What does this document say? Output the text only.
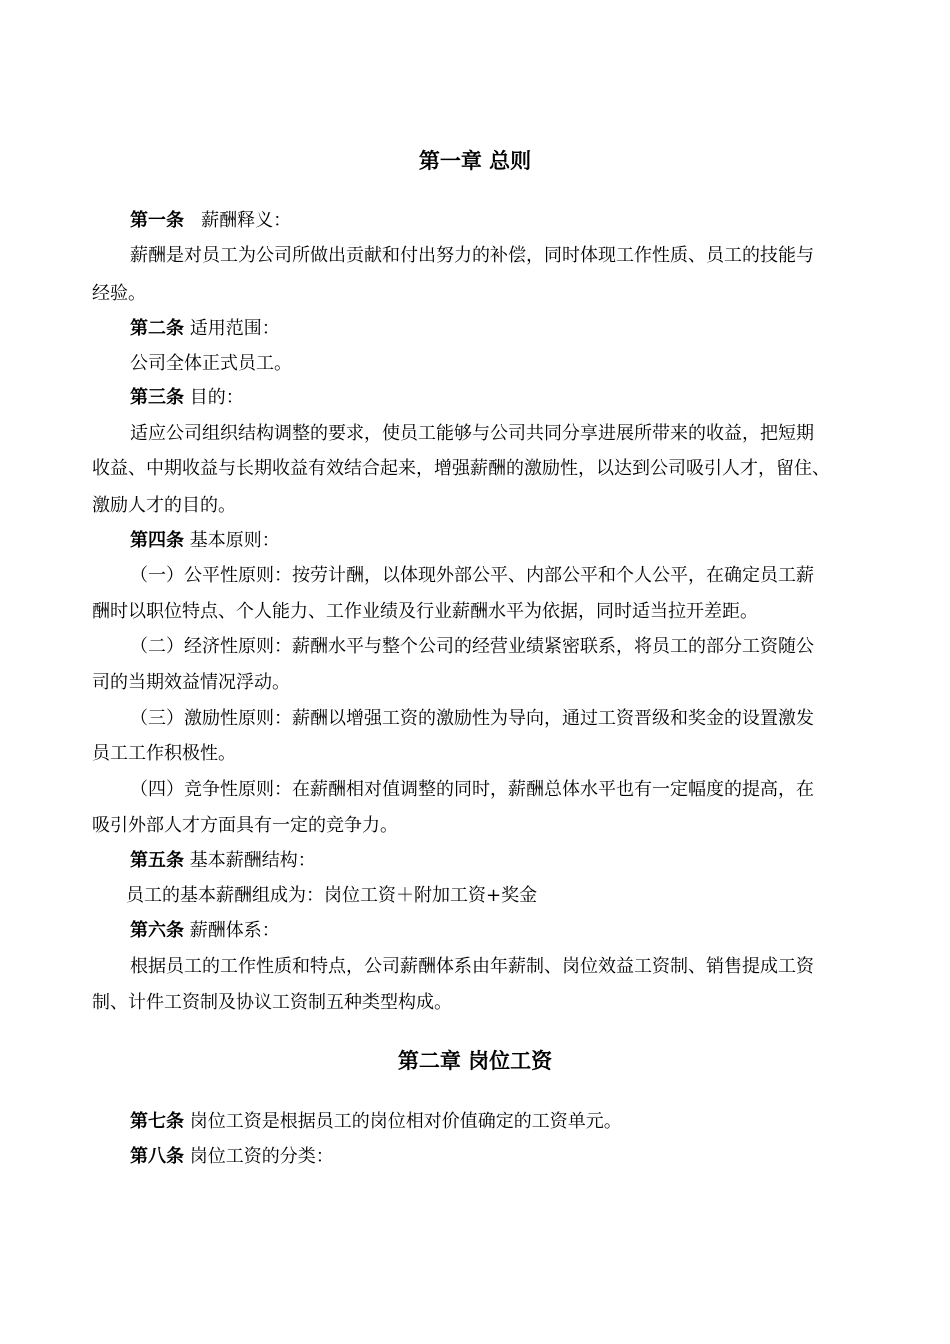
第一章 总则
第一条   薪酬释义：
薪酬是对员工为公司所做出贡献和付出努力的补偿，同时体现工作性质、员工的技能与
经验。
第二条 适用范围：
公司全体正式员工。
第三条 目的：
适应公司组织结构调整的要求，使员工能够与公司共同分享进展所带来的收益，把短期
收益、中期收益与长期收益有效结合起来，增强薪酬的激励性，以达到公司吸引人才，留住、
激励人才的目的。
第四条 基本原则：
（一）公平性原则：按劳计酬，以体现外部公平、内部公平和个人公平，在确定员工薪
酬时以职位特点、个人能力、工作业绩及行业薪酬水平为依据，同时适当拉开差距。
（二）经济性原则：薪酬水平与整个公司的经营业绩紧密联系，将员工的部分工资随公
司的当期效益情况浮动。
（三）激励性原则：薪酬以增强工资的激励性为导向，通过工资晋级和奖金的设置激发
员工工作积极性。
（四）竞争性原则：在薪酬相对值调整的同时，薪酬总体水平也有一定幅度的提高，在
吸引外部人才方面具有一定的竞争力。
第五条 基本薪酬结构：
员工的基本薪酬组成为：岗位工资＋附加工资+奖金
第六条 薪酬体系：
根据员工的工作性质和特点，公司薪酬体系由年薪制、岗位效益工资制、销售提成工资
制、计件工资制及协议工资制五种类型构成。
第二章 岗位工资
第七条 岗位工资是根据员工的岗位相对价值确定的工资单元。
第八条 岗位工资的分类：
